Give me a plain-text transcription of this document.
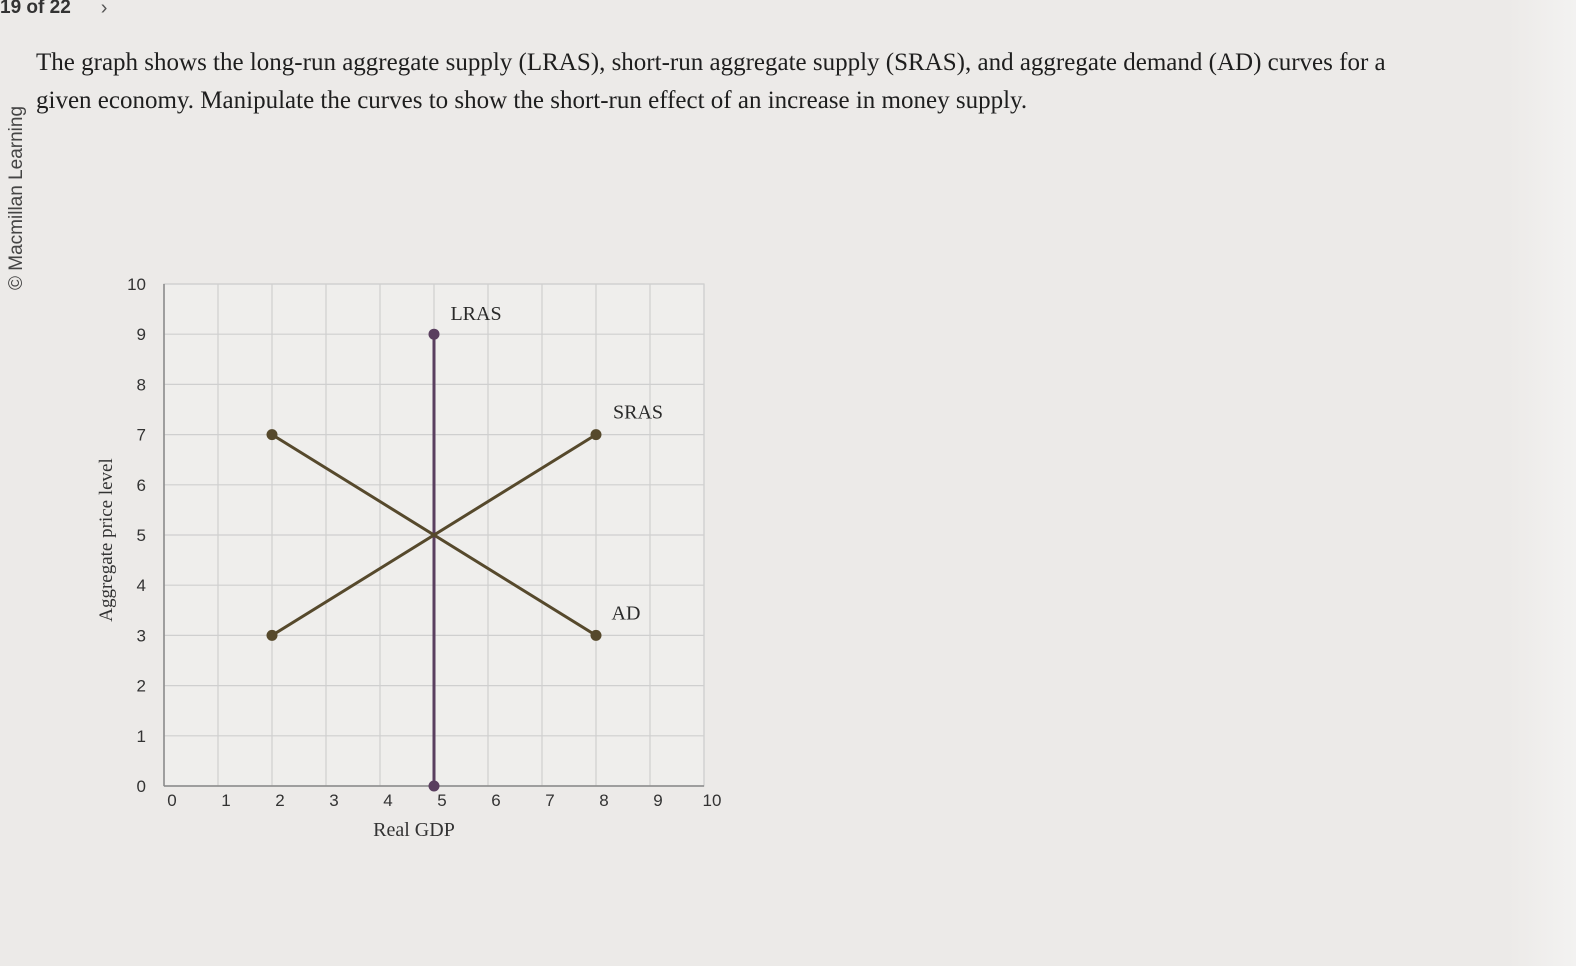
19 of 22 ›
© Macmillan Learning
The graph shows the long-run aggregate supply (LRAS), short-run aggregate supply (SRAS), and aggregate demand (AD) curves for a given economy. Manipulate the curves to show the short-run effect of an increase in money supply.
0	1	2	3	4	5	6	7	8	9 10
0
1
2
3
4
5
6
7
8
9
10
LRAS
SRAS
AD
Real GDP
Aggregate price level
